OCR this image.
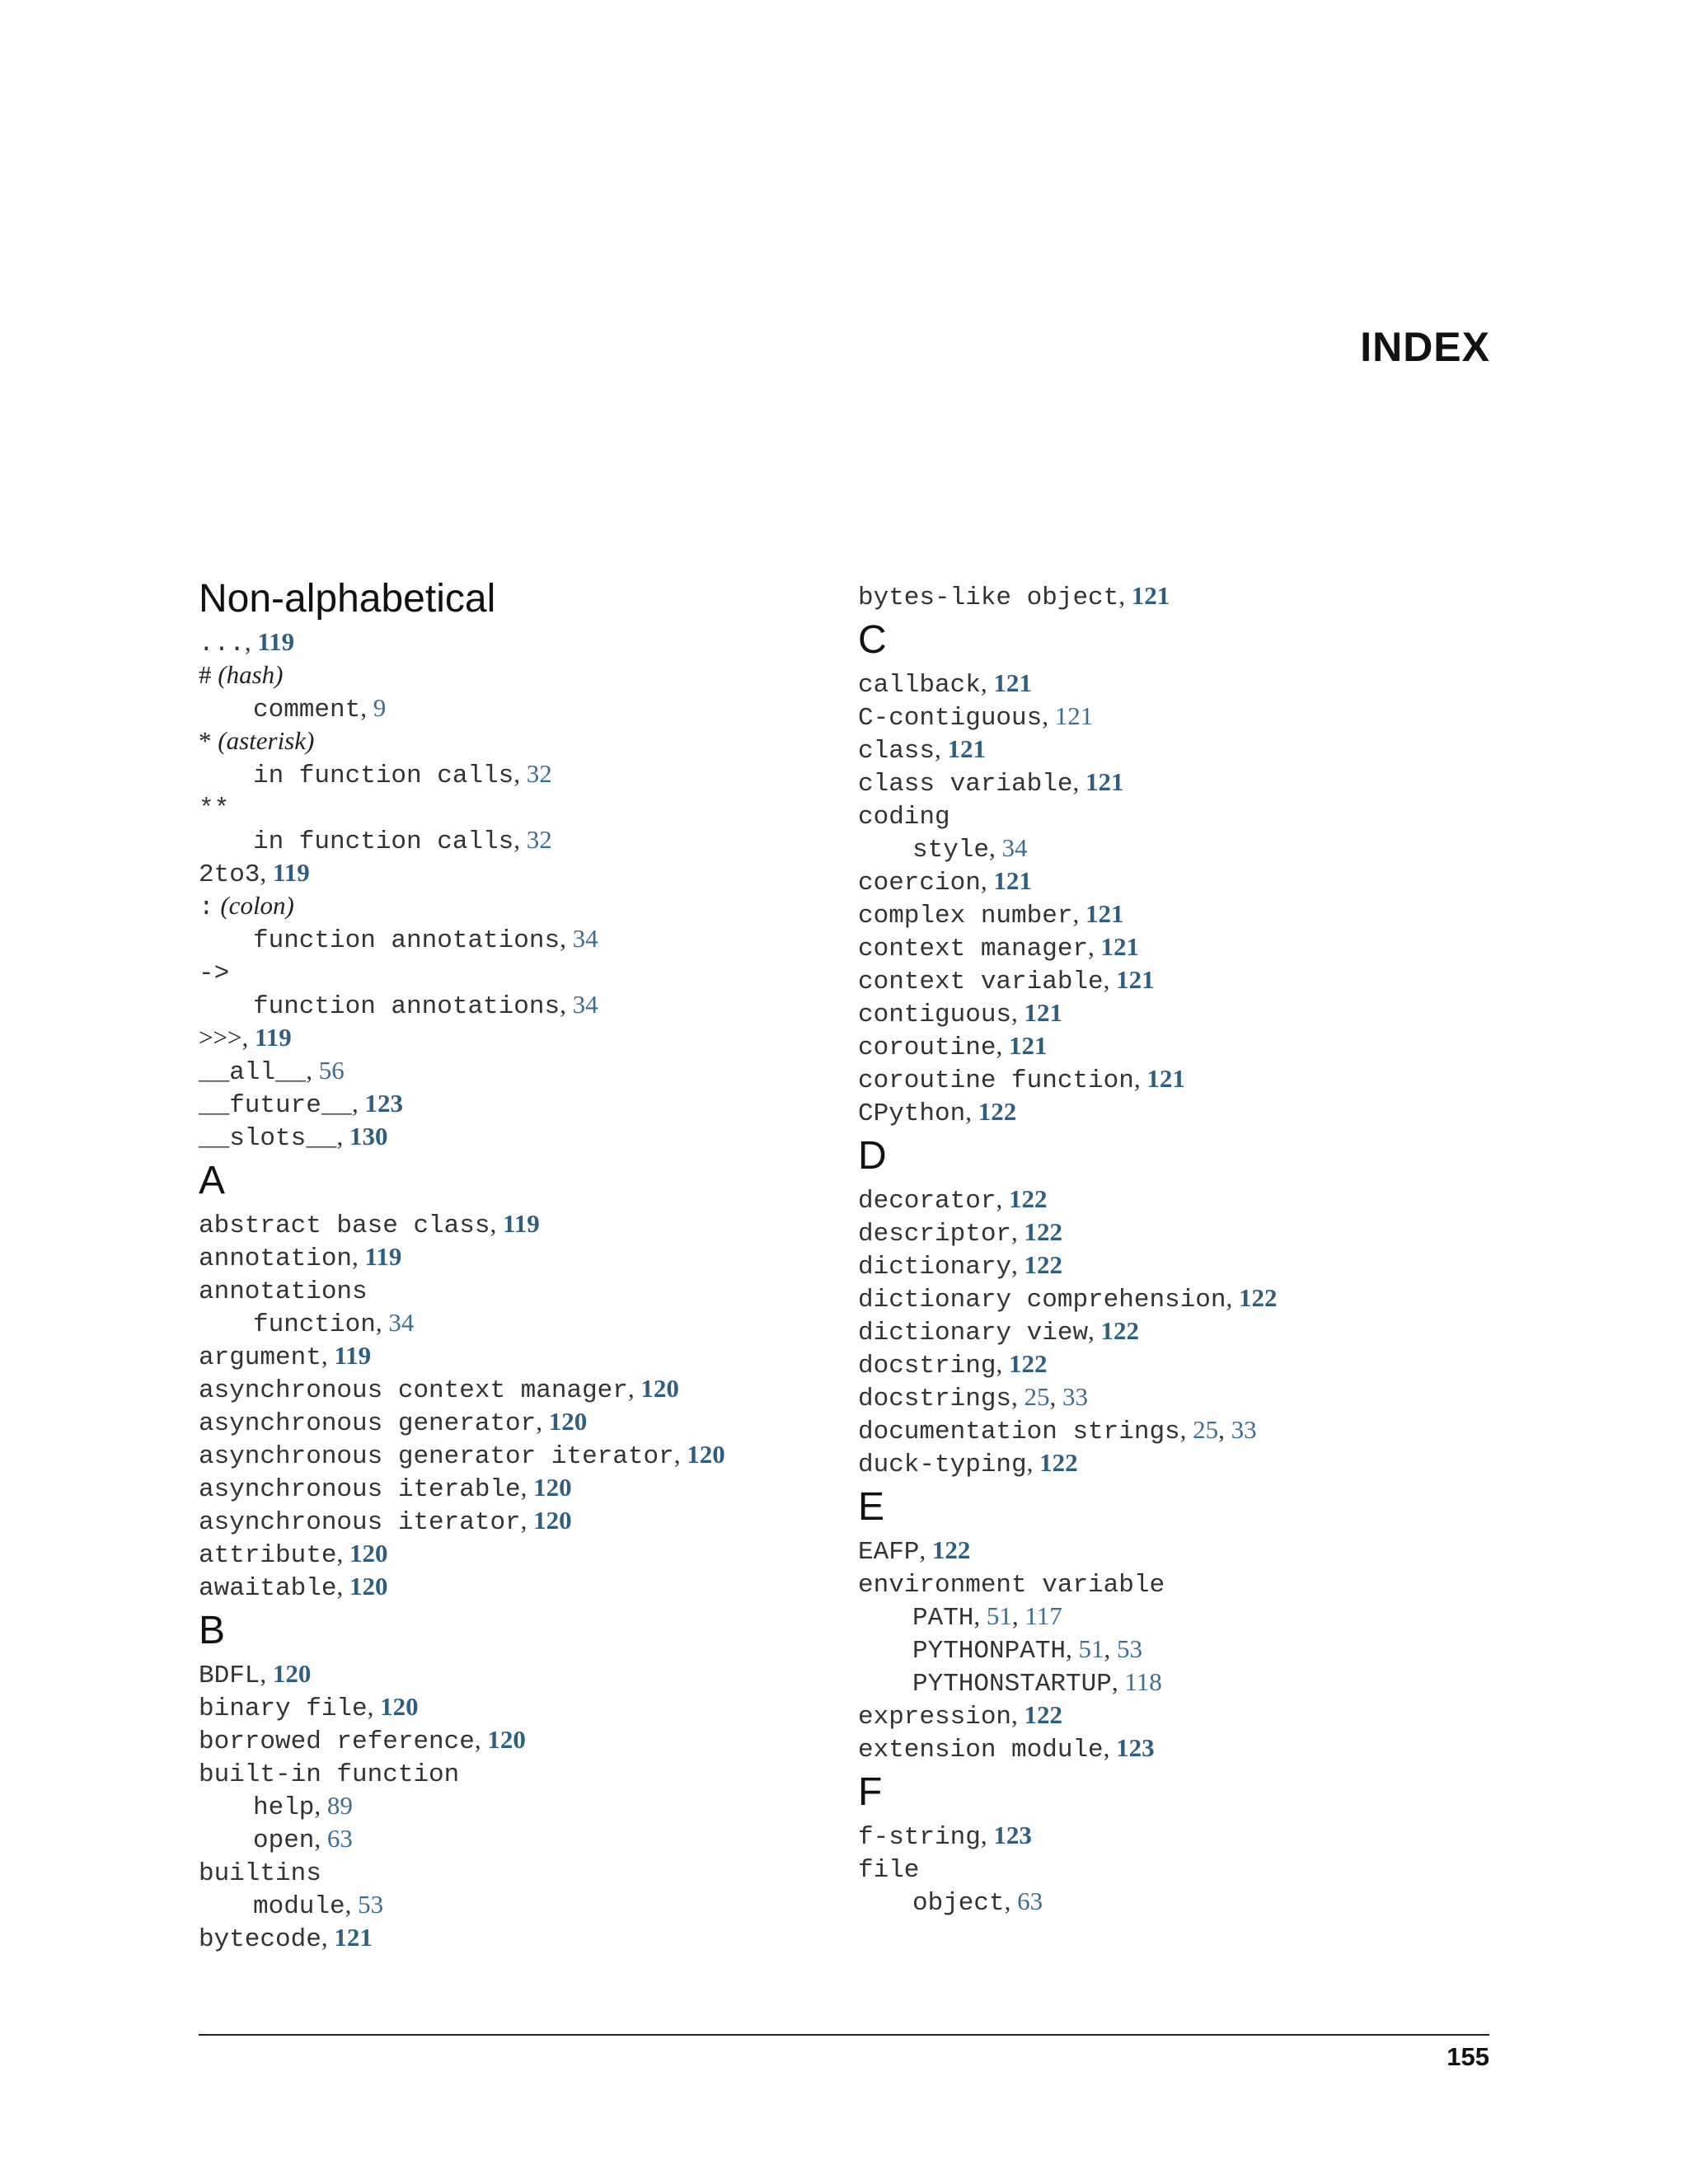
INDEX
Non-alphabetical
..., 119
# (hash)
comment, 9
* (asterisk)
in function calls, 32
**
in function calls, 32
2to3, 119
: (colon)
function annotations, 34
->
function annotations, 34
>>>, 119
__all__, 56
__future__, 123
__slots__, 130
A
abstract base class, 119
annotation, 119
annotations
function, 34
argument, 119
asynchronous context manager, 120
asynchronous generator, 120
asynchronous generator iterator, 120
asynchronous iterable, 120
asynchronous iterator, 120
attribute, 120
awaitable, 120
B
BDFL, 120
binary file, 120
borrowed reference, 120
built-in function
help, 89
open, 63
builtins
module, 53
bytecode, 121
bytes-like object, 121
C
callback, 121
C-contiguous, 121
class, 121
class variable, 121
coding
style, 34
coercion, 121
complex number, 121
context manager, 121
context variable, 121
contiguous, 121
coroutine, 121
coroutine function, 121
CPython, 122
D
decorator, 122
descriptor, 122
dictionary, 122
dictionary comprehension, 122
dictionary view, 122
docstring, 122
docstrings, 25, 33
documentation strings, 25, 33
duck-typing, 122
E
EAFP, 122
environment variable
PATH, 51, 117
PYTHONPATH, 51, 53
PYTHONSTARTUP, 118
expression, 122
extension module, 123
F
f-string, 123
file
object, 63
155
